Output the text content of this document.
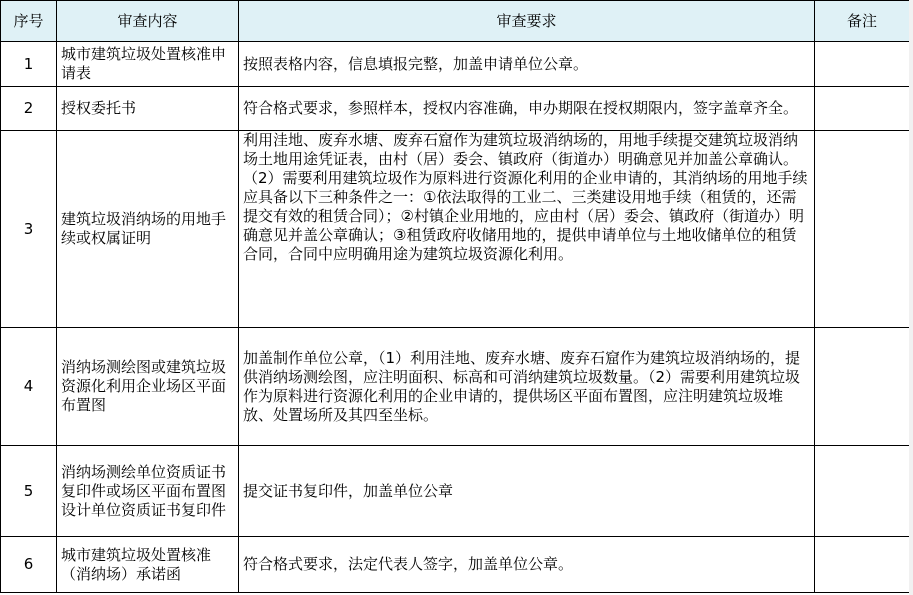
序号	审查内容	审查要求	备注
1	城市建筑垃圾处置核准申请表	按照表格内容，信息填报完整，加盖申请单位公章。	
2	授权委托书	符合格式要求，参照样本，授权内容准确，申办期限在授权期限内，签字盖章齐全。	
3	建筑垃圾消纳场的用地手续或权属证明	利用洼地、废弃水塘、废弃石窟作为建筑垃圾消纳场的，用地手续提交建筑垃圾消纳场土地用途凭证表，由村（居）委会、镇政府（街道办）明确意见并加盖公章确认。
（2）需要利用建筑垃圾作为原料进行资源化利用的企业申请的，其消纳场的用地手续应具备以下三种条件之一：①依法取得的工业二、三类建设用地手续（租赁的，还需提交有效的租赁合同）；②村镇企业用地的，应由村（居）委会、镇政府（街道办）明确意见并盖公章确认；③租赁政府收储用地的，提供申请单位与土地收储单位的租赁合同，合同中应明确用途为建筑垃圾资源化利用。	
4	消纳场测绘图或建筑垃圾资源化利用企业场区平面布置图	加盖制作单位公章，（1）利用洼地、废弃水塘、废弃石窟作为建筑垃圾消纳场的，提供消纳场测绘图，应注明面积、标高和可消纳建筑垃圾数量。（2）需要利用建筑垃圾作为原料进行资源化利用的企业申请的，提供场区平面布置图，应注明建筑垃圾堆放、处置场所及其四至坐标。	
5	消纳场测绘单位资质证书复印件或场区平面布置图设计单位资质证书复印件	提交证书复印件，加盖单位公章	
6	城市建筑垃圾处置核准（消纳场）承诺函	符合格式要求，法定代表人签字，加盖单位公章。	
